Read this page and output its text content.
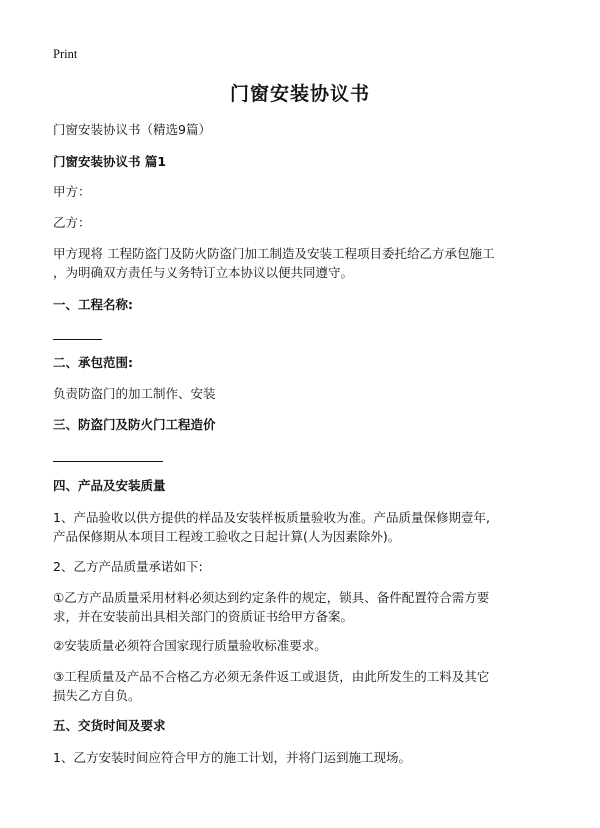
Print
门窗安装协议书
门窗安装协议书（精选9篇）
门窗安装协议书 篇1
甲方：
乙方：
甲方现将 工程防盗门及防火防盗门加工制造及安装工程项目委托给乙方承包施工
，为明确双方责任与义务特订立本协议以便共同遵守。
一、工程名称:
二、承包范围:
负责防盗门的加工制作、安装
三、防盗门及防火门工程造价
四、产品及安装质量
1、产品验收以供方提供的样品及安装样板质量验收为准。产品质量保修期壹年,
产品保修期从本项目工程竣工验收之日起计算(人为因素除外)。
2、乙方产品质量承诺如下:
①乙方产品质量采用材料必须达到约定条件的规定，锁具、备件配置符合需方要
求，并在安装前出具相关部门的资质证书给甲方备案。
②安装质量必须符合国家现行质量验收标准要求。
③工程质量及产品不合格乙方必须无条件返工或退货，由此所发生的工料及其它
损失乙方自负。
五、交货时间及要求
1、乙方安装时间应符合甲方的施工计划，并将门运到施工现场。
